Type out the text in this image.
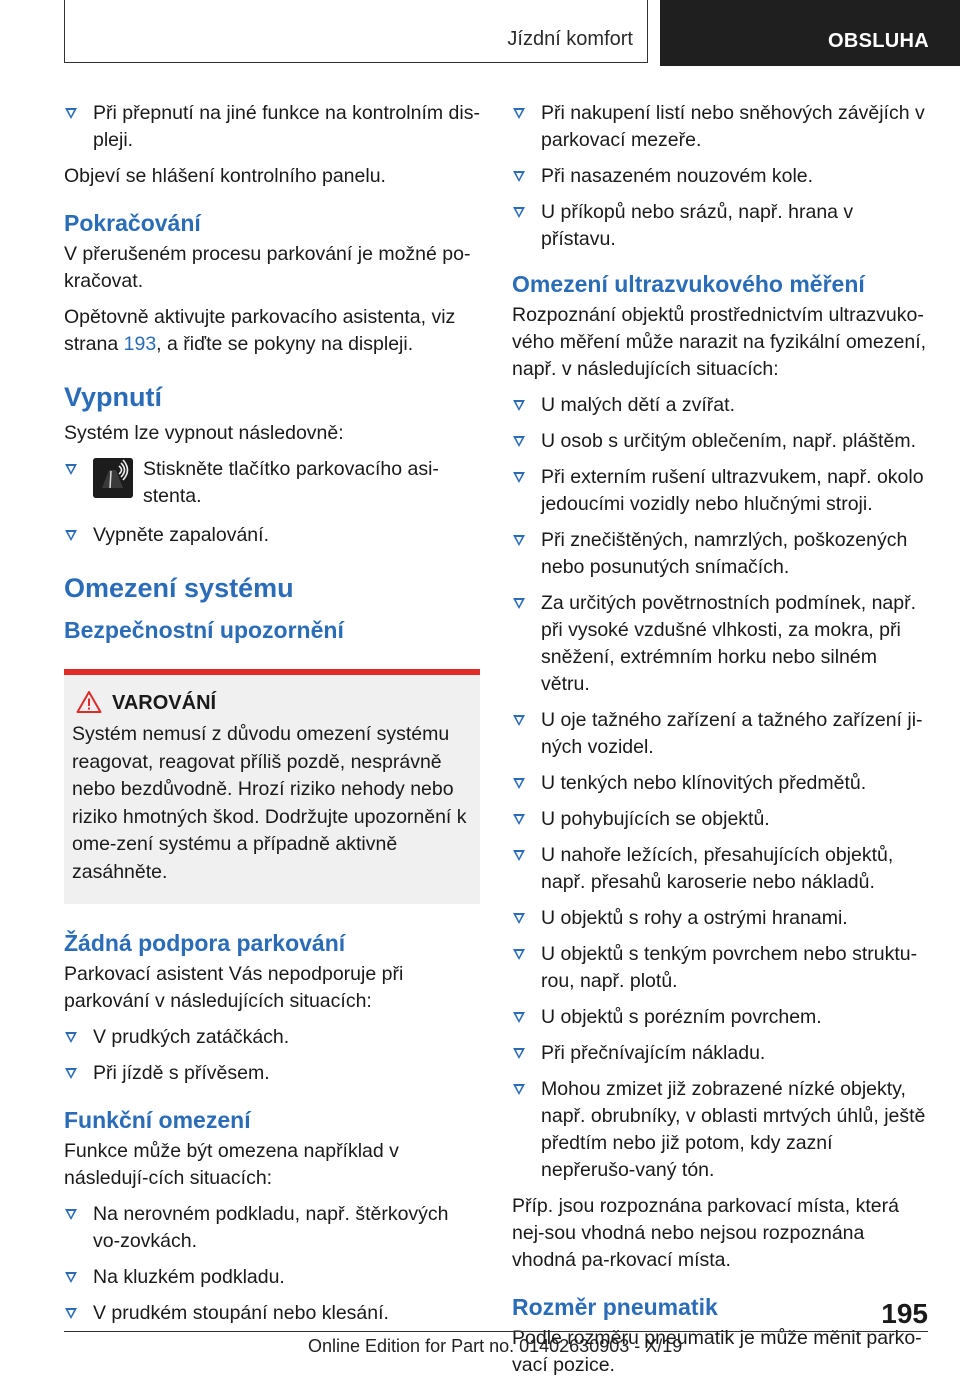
Jízdní komfort	OBSLUHA
Při přepnutí na jiné funkce na kontrolním dis-pleji.

Objeví se hlášení kontrolního panelu.

Pokračování

V přerušeném procesu parkování je možné po-kračovat.

Opětovně aktivujte parkovacího asistenta, viz strana 193, a řiďte se pokyny na displeji.

Vypnutí

Systém lze vypnout následovně:

Stiskněte tlačítko parkovacího asi-stenta.
Vypněte zapalování.
Omezení systému
Bezpečnostní upozornění
VAROVÁNÍ
Systém nemusí z důvodu omezení systému reagovat, reagovat příliš pozdě, nesprávně nebo bezdůvodně. Hrozí riziko nehody nebo riziko hmotných škod. Dodržujte upozornění k ome-zení systému a případně aktivně zasáhněte.
Žádná podpora parkování

Parkovací asistent Vás nepodporuje při parkování v následujících situacích:

V prudkých zatáčkách.
Při jízdě s přívěsem.
Funkční omezení

Funkce může být omezena například v následují-cích situacích:

Na nerovném podkladu, např. štěrkových vo-zovkách.
Na kluzkém podkladu.
V prudkém stoupání nebo klesání.
Při nakupení listí nebo sněhových závějích v parkovací mezeře.
Při nasazeném nouzovém kole.
U příkopů nebo srázů, např. hrana v přístavu.
Omezení ultrazvukového měření

Rozpoznání objektů prostřednictvím ultrazvuko-vého měření může narazit na fyzikální omezení, např. v následujících situacích:

U malých dětí a zvířat.
U osob s určitým oblečením, např. pláštěm.
Při externím rušení ultrazvukem, např. okolo jedoucími vozidly nebo hlučnými stroji.
Při znečištěných, namrzlých, poškozených nebo posunutých snímačích.
Za určitých povětrnostních podmínek, např. při vysoké vzdušné vlhkosti, za mokra, při sněžení, extrémním horku nebo silném větru.
U oje tažného zařízení a tažného zařízení ji-ných vozidel.
U tenkých nebo klínovitých předmětů.
U pohybujících se objektů.
U nahoře ležících, přesahujících objektů, např. přesahů karoserie nebo nákladů.
U objektů s rohy a ostrými hranami.
U objektů s tenkým povrchem nebo struktu-rou, např. plotů.
U objektů s porézním povrchem.
Při přečnívajícím nákladu.
Mohou zmizet již zobrazené nízké objekty, např. obrubníky, v oblasti mrtvých úhlů, ještě předtím nebo již potom, kdy zazní nepřerušo-vaný tón.

Příp. jsou rozpoznána parkovací místa, která nej-sou vhodná nebo nejsou rozpoznána vhodná pa-rkovací místa.

Rozměr pneumatik

Podle rozměru pneumatik je může měnit parko-vací pozice.

195
Online Edition for Part no. 01402630903 - X/19
